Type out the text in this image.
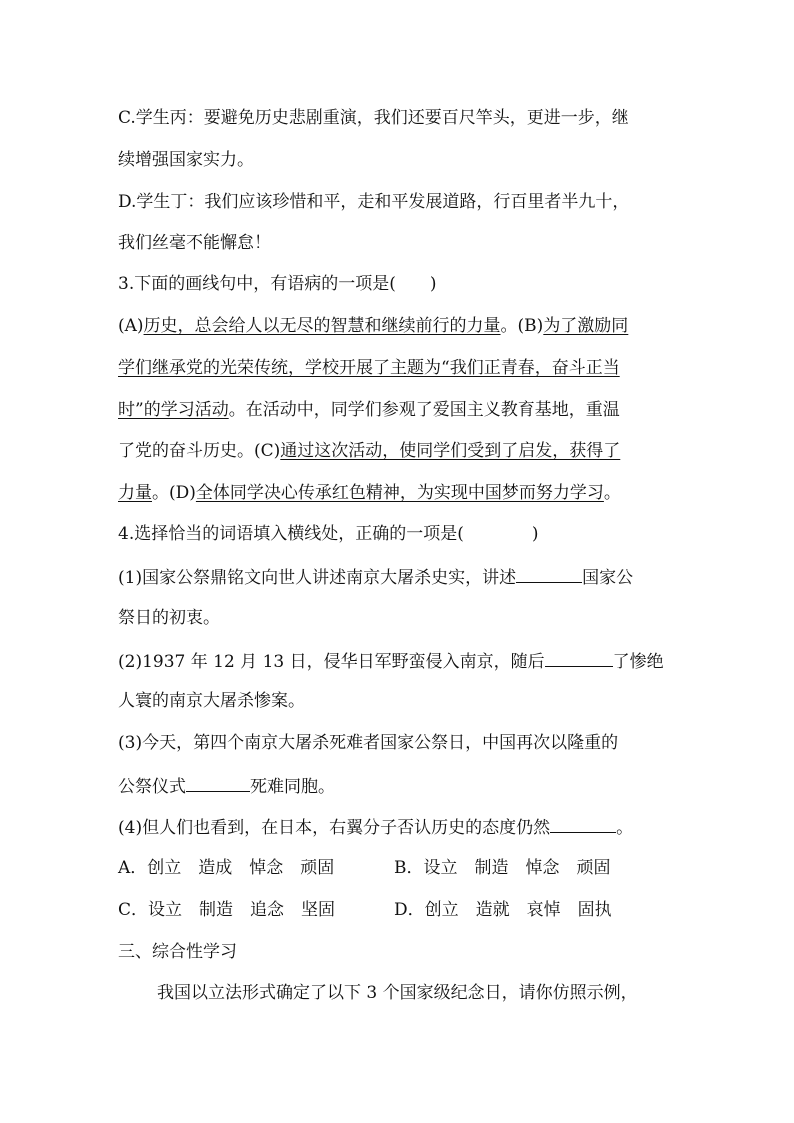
C.学生丙：要避免历史悲剧重演，我们还要百尺竿头，更进一步，继
续增强国家实力。
D.学生丁：我们应该珍惜和平，走和平发展道路，行百里者半九十，
我们丝毫不能懈怠！
3.下面的画线句中，有语病的一项是(　　)
(A)历史，总会给人以无尽的智慧和继续前行的力量。(B)为了激励同
学们继承党的光荣传统，学校开展了主题为“我们正青春，奋斗正当
时”的学习活动。在活动中，同学们参观了爱国主义教育基地，重温
了党的奋斗历史。(C)通过这次活动，使同学们受到了启发，获得了
力量。(D)全体同学决心传承红色精神，为实现中国梦而努力学习。
4.选择恰当的词语填入横线处，正确的一项是(　　　　)
(1)国家公祭鼎铭文向世人讲述南京大屠杀史实，讲述	国家公
祭日的初衷。
(2)1937 年 12 月 13 日，侵华日军野蛮侵入南京，随后	了惨绝
人寰的南京大屠杀惨案。
(3)今天，第四个南京大屠杀死难者国家公祭日，中国再次以隆重的
公祭仪式	死难同胞。
(4)但人们也看到，在日本，右翼分子否认历史的态度仍然	。
A．创立　造成　悼念　顽固	B．设立　制造　悼念　顽固
C．设立　制造　追念　坚固	D．创立　造就　哀悼　固执
三、综合性学习
我国以立法形式确定了以下 3 个国家级纪念日，请你仿照示例，
